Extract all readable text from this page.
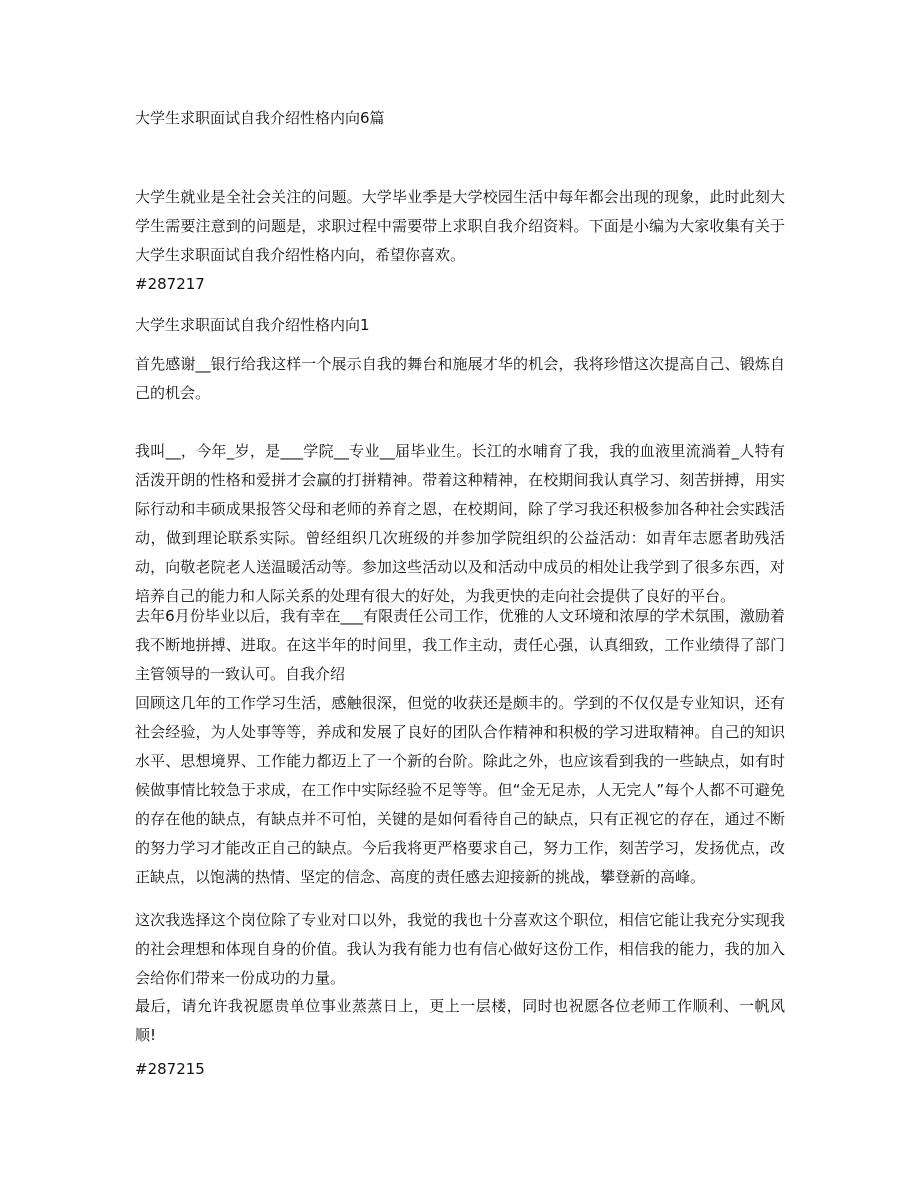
大学生求职面试自我介绍性格内向6篇

大学生就业是全社会关注的问题。大学毕业季是大学校园生活中每年都会出现的现象，此时此刻大学生需要注意到的问题是，求职过程中需要带上求职自我介绍资料。下面是小编为大家收集有关于大学生求职面试自我介绍性格内向，希望你喜欢。

#287217

大学生求职面试自我介绍性格内向1

首先感谢__银行给我这样一个展示自我的舞台和施展才华的机会，我将珍惜这次提高自己、锻炼自己的机会。

我叫__，今年_岁，是___学院__专业__届毕业生。长江的水哺育了我，我的血液里流淌着_人特有活泼开朗的性格和爱拼才会赢的打拼精神。带着这种精神，在校期间我认真学习、刻苦拼搏，用实际行动和丰硕成果报答父母和老师的养育之恩，在校期间，除了学习我还积极参加各种社会实践活动，做到理论联系实际。曾经组织几次班级的并参加学院组织的公益活动：如青年志愿者助残活动，向敬老院老人送温暖活动等。参加这些活动以及和活动中成员的相处让我学到了很多东西，对培养自己的能力和人际关系的处理有很大的好处，为我更快的走向社会提供了良好的平台。

去年6月份毕业以后，我有幸在___有限责任公司工作，优雅的人文环境和浓厚的学术氛围，激励着我不断地拼搏、进取。在这半年的时间里，我工作主动，责任心强，认真细致，工作业绩得了部门主管领导的一致认可。自我介绍

回顾这几年的工作学习生活，感触很深，但觉的收获还是颇丰的。学到的不仅仅是专业知识，还有社会经验，为人处事等等，养成和发展了良好的团队合作精神和积极的学习进取精神。自己的知识水平、思想境界、工作能力都迈上了一个新的台阶。除此之外，也应该看到我的一些缺点，如有时候做事情比较急于求成，在工作中实际经验不足等等。但“金无足赤，人无完人”每个人都不可避免的存在他的缺点，有缺点并不可怕，关键的是如何看待自己的缺点，只有正视它的存在，通过不断的努力学习才能改正自己的缺点。今后我将更严格要求自己，努力工作，刻苦学习，发扬优点，改正缺点，以饱满的热情、坚定的信念、高度的责任感去迎接新的挑战，攀登新的高峰。

这次我选择这个岗位除了专业对口以外，我觉的我也十分喜欢这个职位，相信它能让我充分实现我的社会理想和体现自身的价值。我认为我有能力也有信心做好这份工作，相信我的能力，我的加入会给你们带来一份成功的力量。

最后，请允许我祝愿贵单位事业蒸蒸日上，更上一层楼，同时也祝愿各位老师工作顺利、一帆风顺!

#287215
